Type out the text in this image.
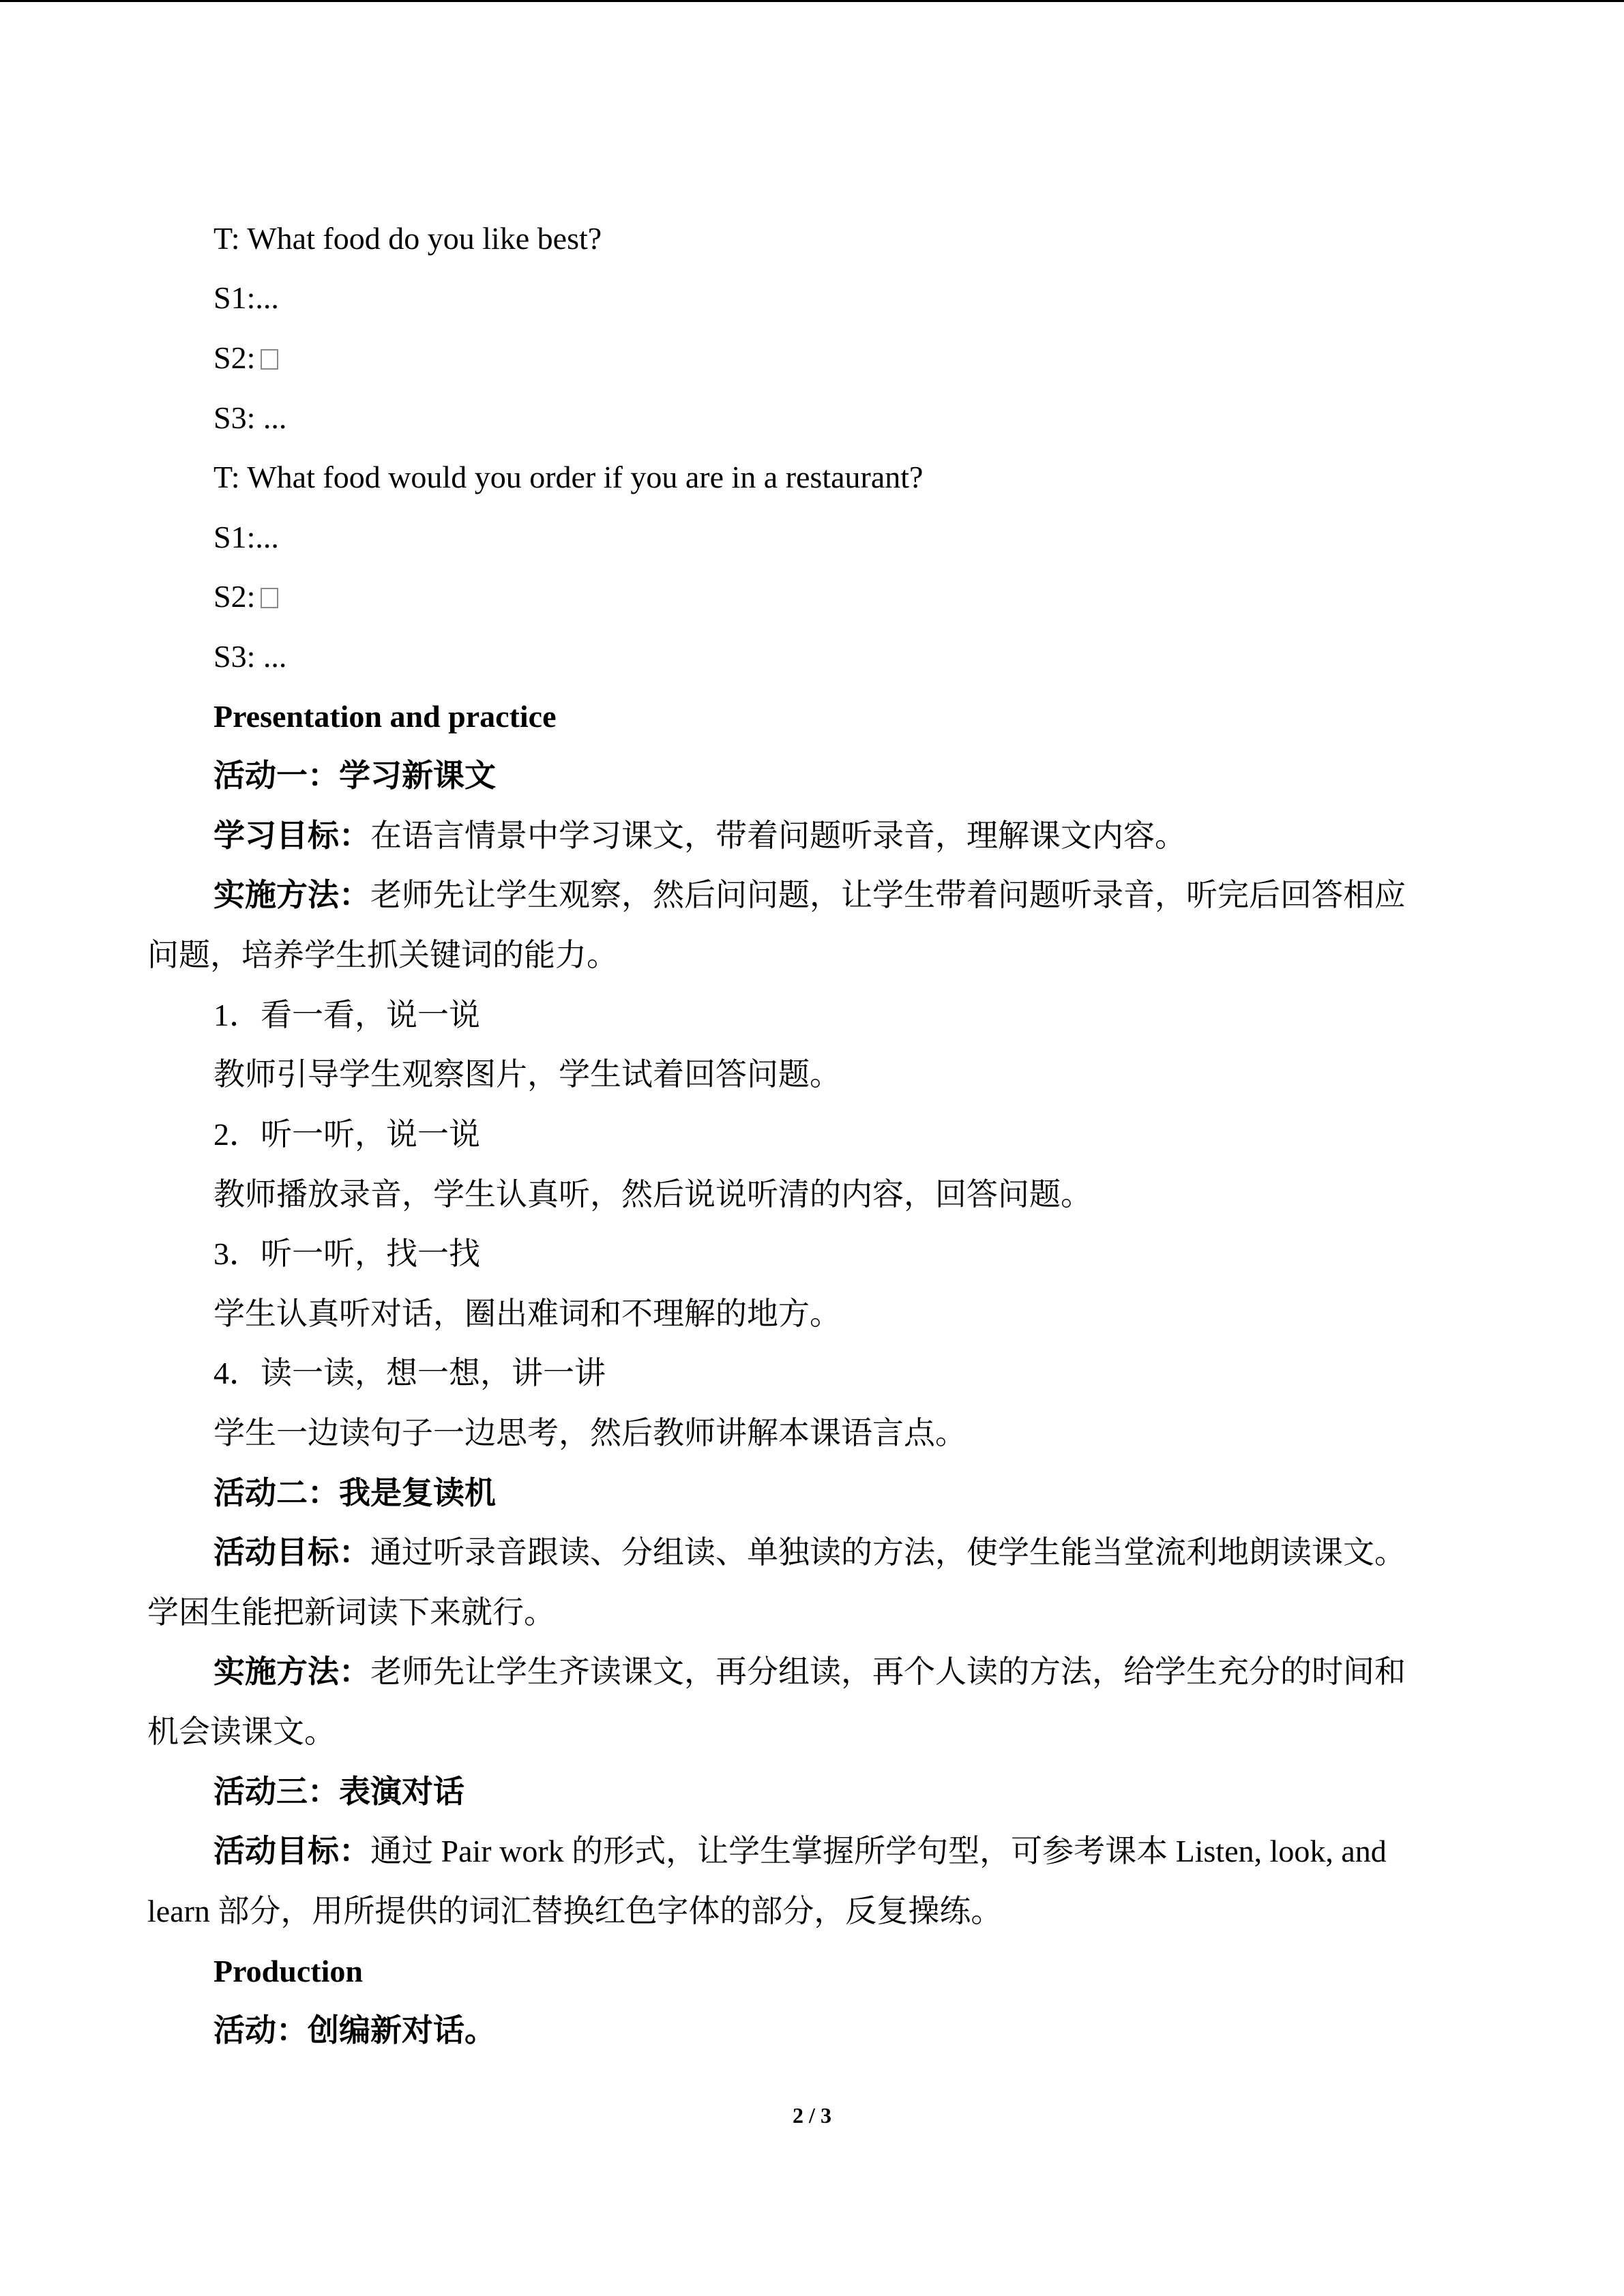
T: What food do you like best?
S1:...
S2:
S3: ...
T: What food would you order if you are in a restaurant?
S1:...
S2:
S3: ...
Presentation and practice
活动一：学习新课文
学习目标：在语言情景中学习课文，带着问题听录音，理解课文内容。
实施方法：老师先让学生观察，然后问问题，让学生带着问题听录音，听完后回答相应
问题，培养学生抓关键词的能力。
1．看一看，说一说
教师引导学生观察图片，学生试着回答问题。
2．听一听，说一说
教师播放录音，学生认真听，然后说说听清的内容，回答问题。
3．听一听，找一找
学生认真听对话，圈出难词和不理解的地方。
4．读一读，想一想，讲一讲
学生一边读句子一边思考，然后教师讲解本课语言点。
活动二：我是复读机
活动目标：通过听录音跟读、分组读、单独读的方法，使学生能当堂流利地朗读课文。
学困生能把新词读下来就行。
实施方法：老师先让学生齐读课文，再分组读，再个人读的方法，给学生充分的时间和
机会读课文。
活动三：表演对话
活动目标：通过 Pair work 的形式，让学生掌握所学句型，可参考课本 Listen, look, and
learn 部分，用所提供的词汇替换红色字体的部分，反复操练。
Production
活动：创编新对话。
2 / 3
